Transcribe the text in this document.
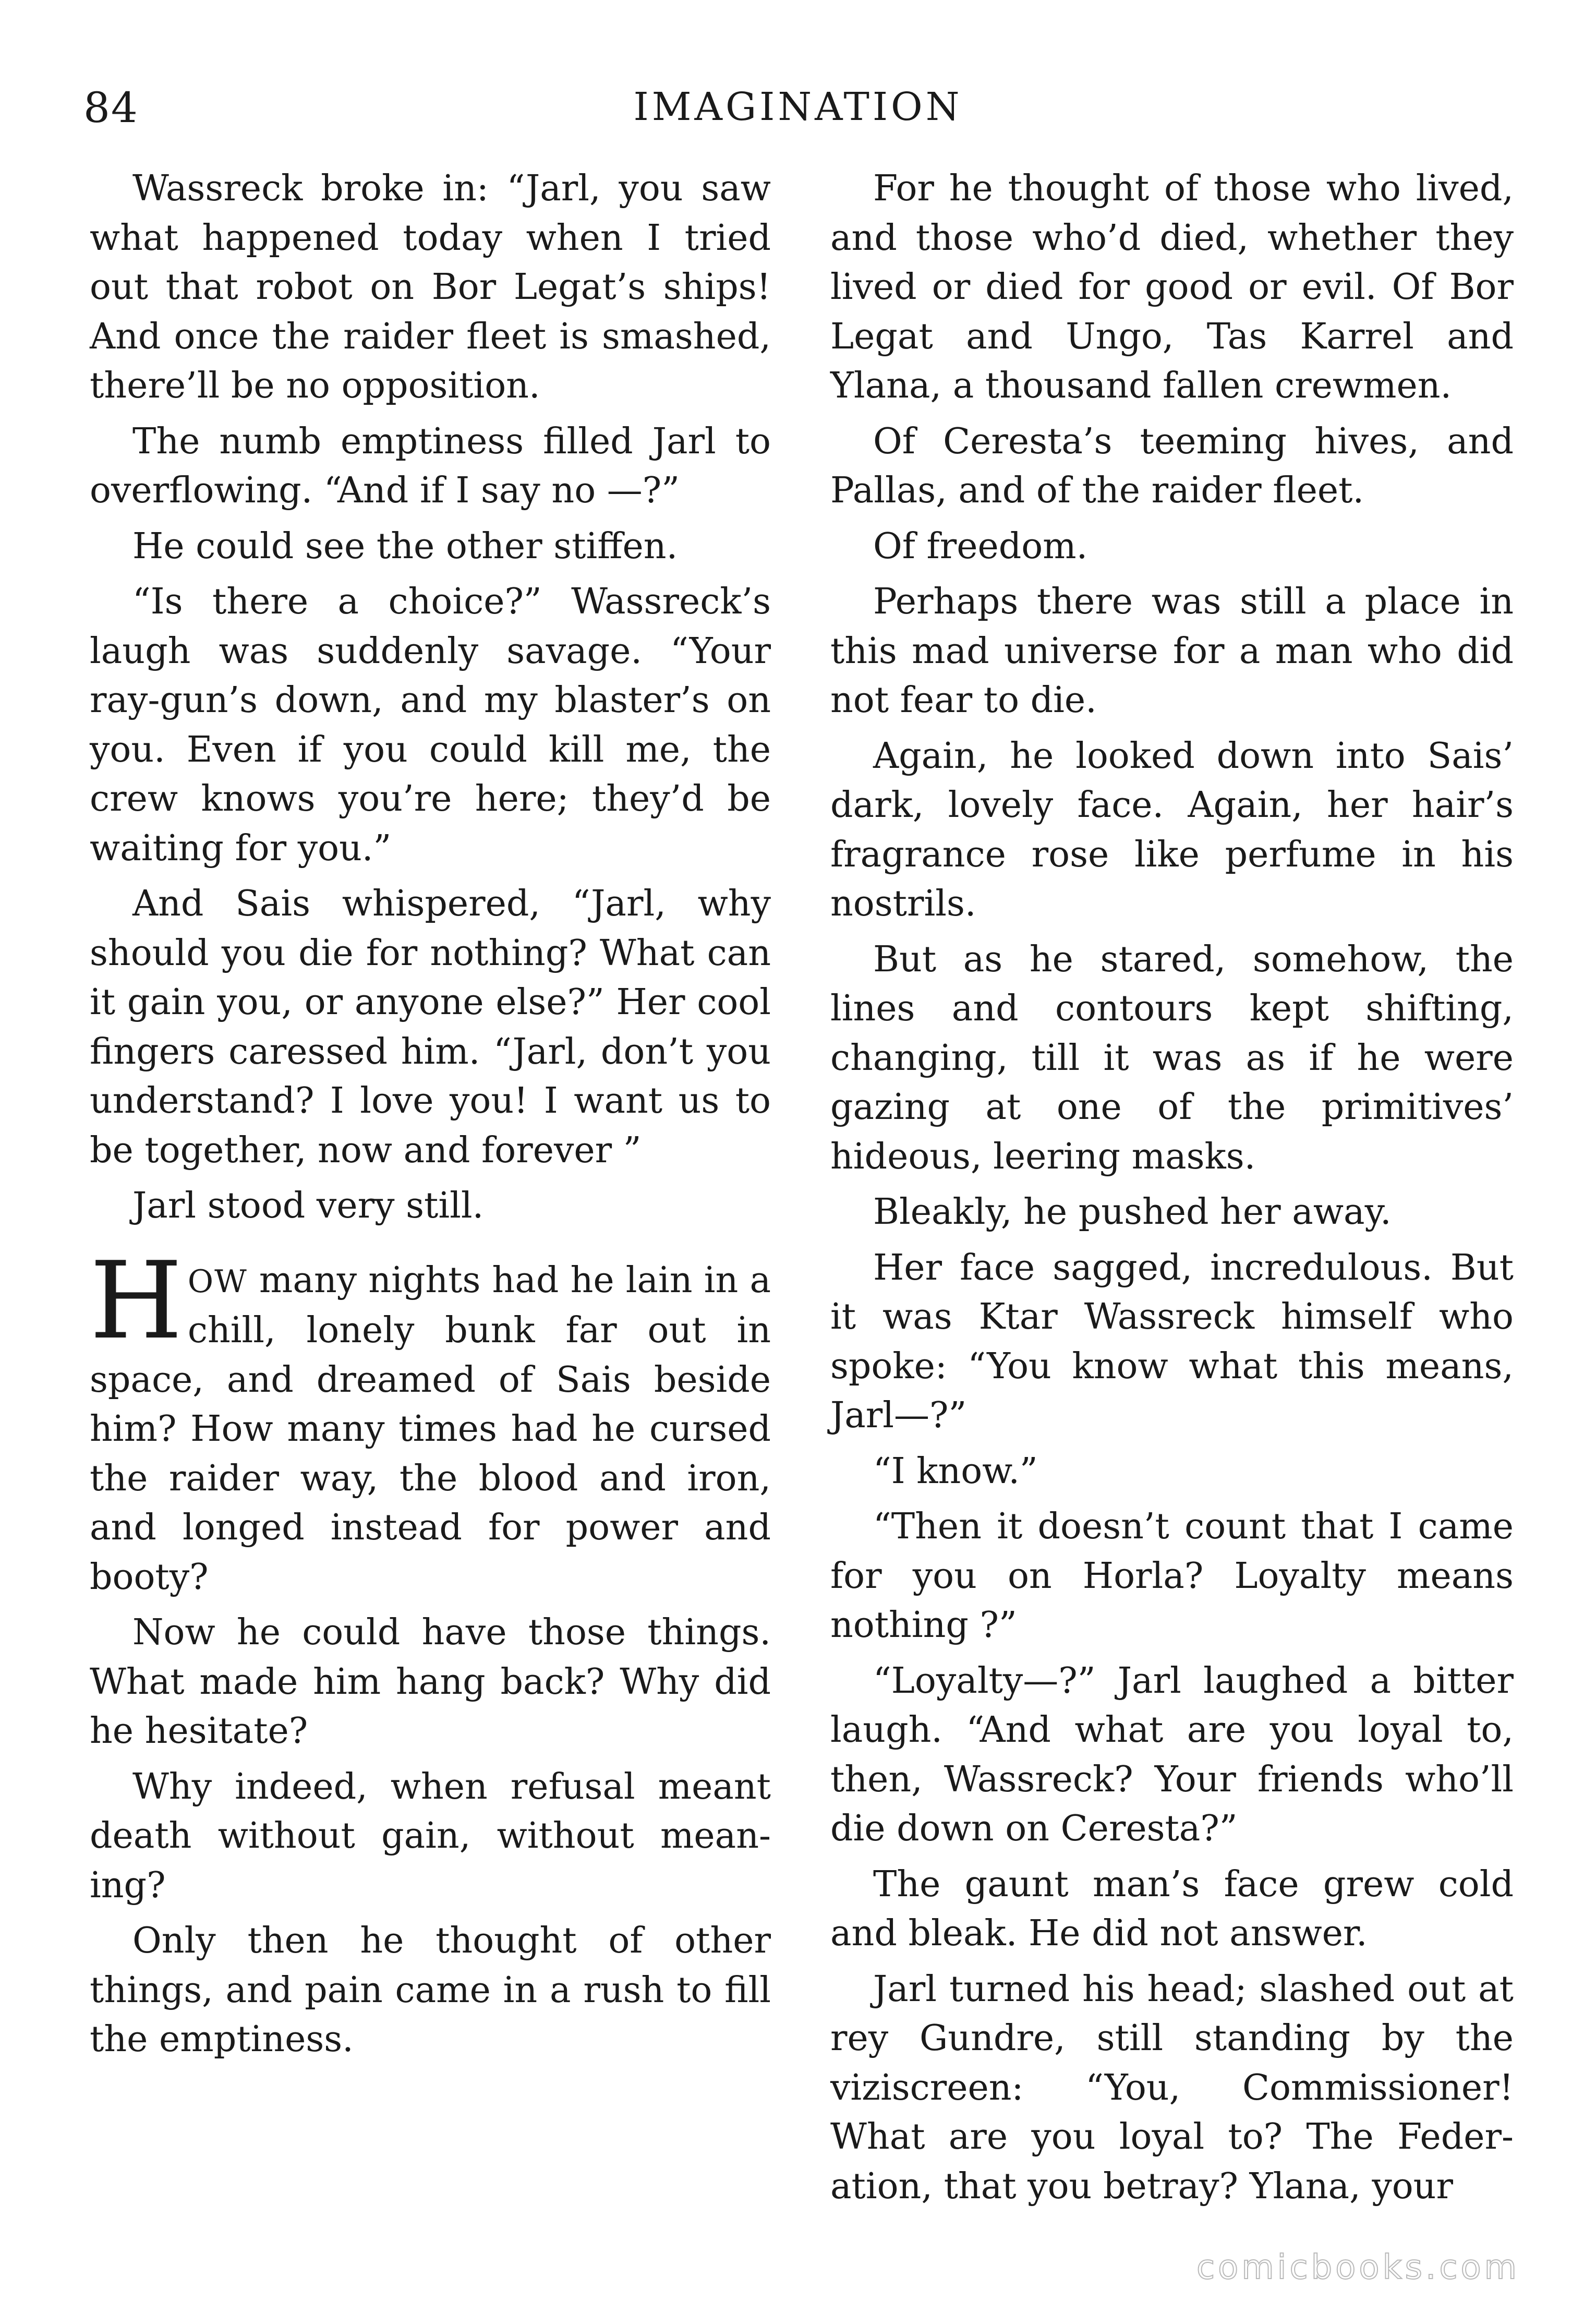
84	IMAGINATION

Wassreck broke in: “Jarl, you saw what happened today when I tried out that robot on Bor Legat’s ships! And once the raider fleet is smashed, there’ll be no opposition.

The numb emptiness filled Jarl to overflowing. “And if I say no —?”

He could see the other stiffen.

“Is there a choice?” Wassreck’s laugh was suddenly savage. “Your ray-gun’s down, and my blaster’s on you. Even if you could kill me, the crew knows you’re here; they’d be waiting for you.”

And Sais whispered, “Jarl, why should you die for nothing? What can it gain you, or anyone else?” Her cool fingers caressed him. “Jarl, don’t you understand? I love you! I want us to be together, now and forever ”

Jarl stood very still.

HOW many nights had he lain in a chill, lonely bunk far out in space, and dreamed of Sais beside him? How many times had he cursed the raider way, the blood and iron, and longed instead for power and booty?

Now he could have those things. What made him hang back? Why did he hesitate?

Why indeed, when refusal meant death without gain, without meaning?

Only then he thought of other things, and pain came in a rush to fill the emptiness.

For he thought of those who lived, and those who’d died, whether they lived or died for good or evil. Of Bor Legat and Ungo, Tas Karrel and Ylana, a thousand fallen crewmen.

Of Ceresta’s teeming hives, and Pallas, and of the raider fleet.

Of freedom.

Perhaps there was still a place in this mad universe for a man who did not fear to die.

Again, he looked down into Sais’ dark, lovely face. Again, her hair’s fragrance rose like perfume in his nostrils.

But as he stared, somehow, the lines and contours kept shifting, changing, till it was as if he were gazing at one of the primitives’ hideous, leering masks.

Bleakly, he pushed her away.

Her face sagged, incredulous. But it was Ktar Wassreck himself who spoke: “You know what this means, Jarl—?”

“I know.”

“Then it doesn’t count that I came for you on Horla? Loyalty means nothing ?”

“Loyalty—?” Jarl laughed a bitter laugh. “And what are you loyal to, then, Wassreck? Your friends who’ll die down on Ceresta?”

The gaunt man’s face grew cold and bleak. He did not answer.

Jarl turned his head; slashed out at rey Gundre, still standing by the viziscreen: “You, Commissioner! What are you loyal to? The Federation, that you betray? Ylana, your

comicbooks.com
